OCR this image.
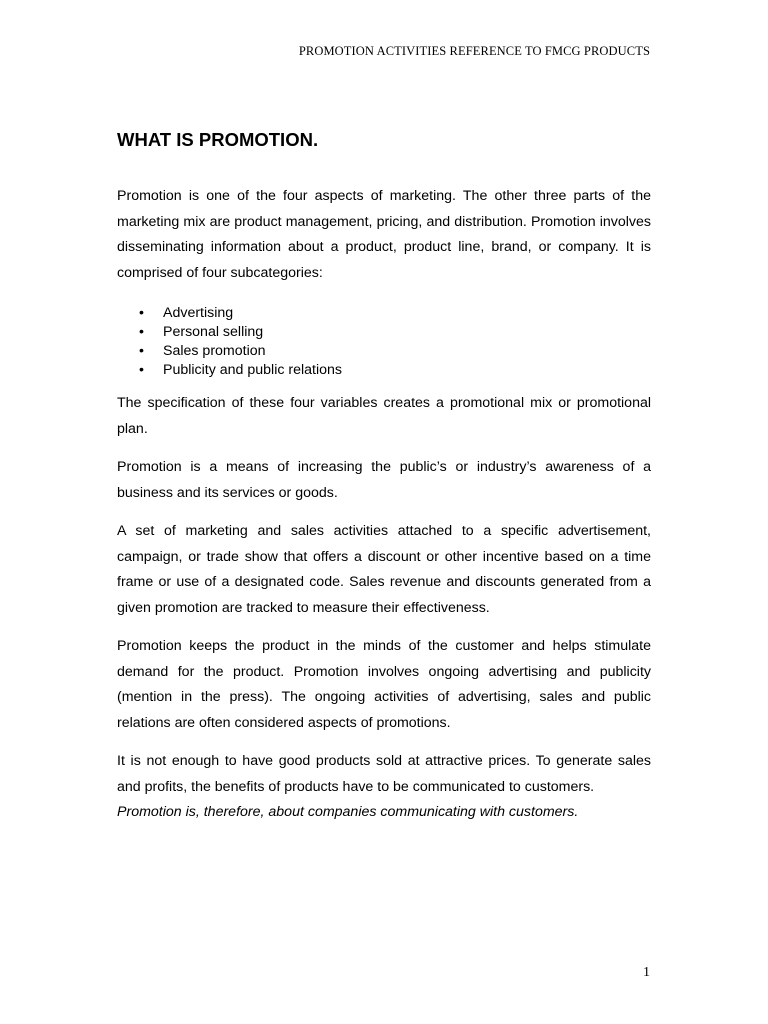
PROMOTION ACTIVITIES REFERENCE TO FMCG PRODUCTS
WHAT IS PROMOTION.

Promotion is one of the four aspects of marketing. The other three parts of the marketing mix are product management, pricing, and distribution. Promotion involves disseminating information about a product, product line, brand, or company. It is comprised of four subcategories:

• Advertising
• Personal selling
• Sales promotion
• Publicity and public relations

The specification of these four variables creates a promotional mix or promotional plan.

Promotion is a means of increasing the public’s or industry’s awareness of a business and its services or goods.

A set of marketing and sales activities attached to a specific advertisement, campaign, or trade show that offers a discount or other incentive based on a time frame or use of a designated code. Sales revenue and discounts generated from a given promotion are tracked to measure their effectiveness.

Promotion keeps the product in the minds of the customer and helps stimulate demand for the product. Promotion involves ongoing advertising and publicity (mention in the press). The ongoing activities of advertising, sales and public relations are often considered aspects of promotions.

It is not enough to have good products sold at attractive prices. To generate sales and profits, the benefits of products have to be communicated to customers.

Promotion is, therefore, about companies communicating with customers.

1
